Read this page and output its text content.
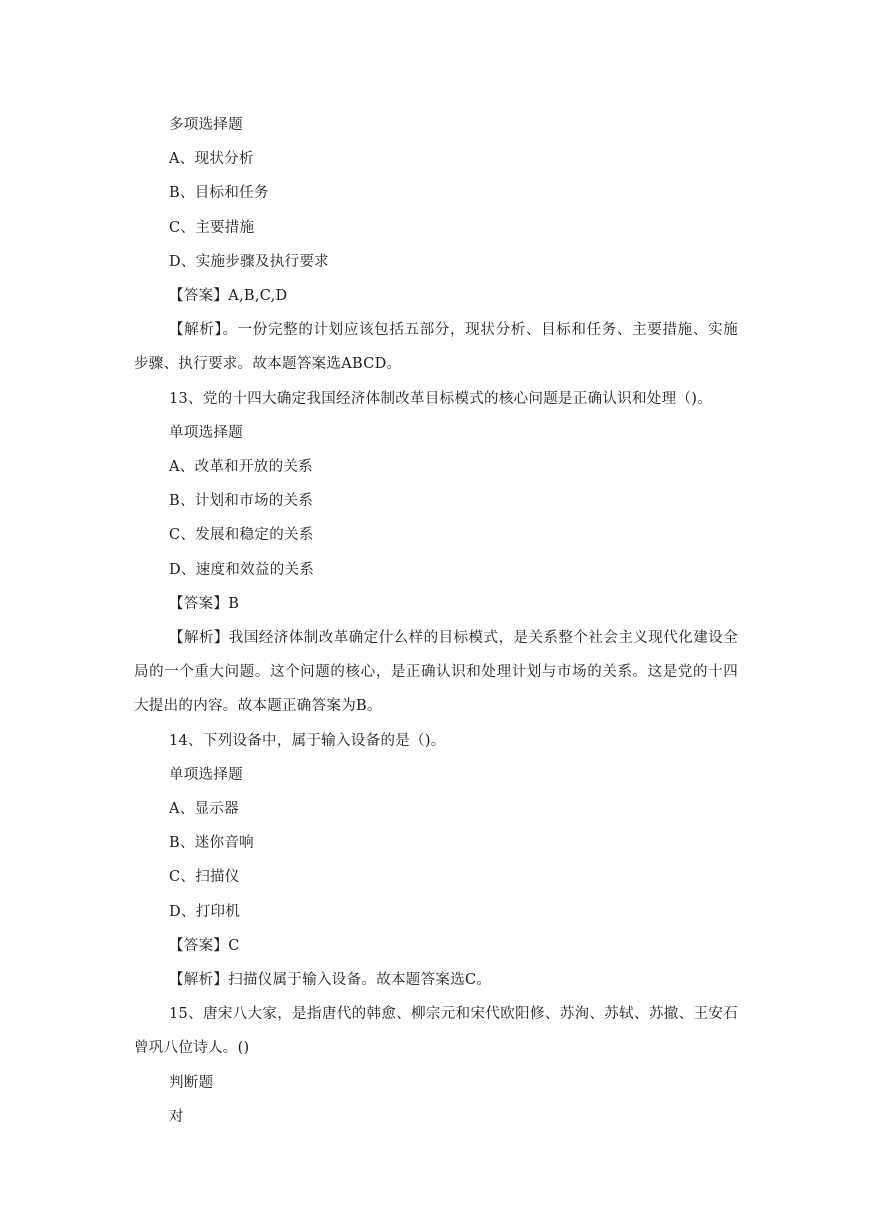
多项选择题
A、现状分析
B、目标和任务
C、主要措施
D、实施步骤及执行要求
【答案】A,B,C,D
【解析】。一份完整的计划应该包括五部分，现状分析、目标和任务、主要措施、实施步骤、执行要求。故本题答案选ABCD。
13、党的十四大确定我国经济体制改革目标模式的核心问题是正确认识和处理（)。
单项选择题
A、改革和开放的关系
B、计划和市场的关系
C、发展和稳定的关系
D、速度和效益的关系
【答案】B
【解析】我国经济体制改革确定什么样的目标模式，是关系整个社会主义现代化建设全局的一个重大问题。这个问题的核心，是正确认识和处理计划与市场的关系。这是党的十四大提出的内容。故本题正确答案为B。
14、下列设备中，属于输入设备的是（)。
单项选择题
A、显示器
B、迷你音响
C、扫描仪
D、打印机
【答案】C
【解析】扫描仪属于输入设备。故本题答案选C。
15、唐宋八大家，是指唐代的韩愈、柳宗元和宋代欧阳修、苏洵、苏轼、苏撤、王安石曾巩八位诗人。()
判断题
对
